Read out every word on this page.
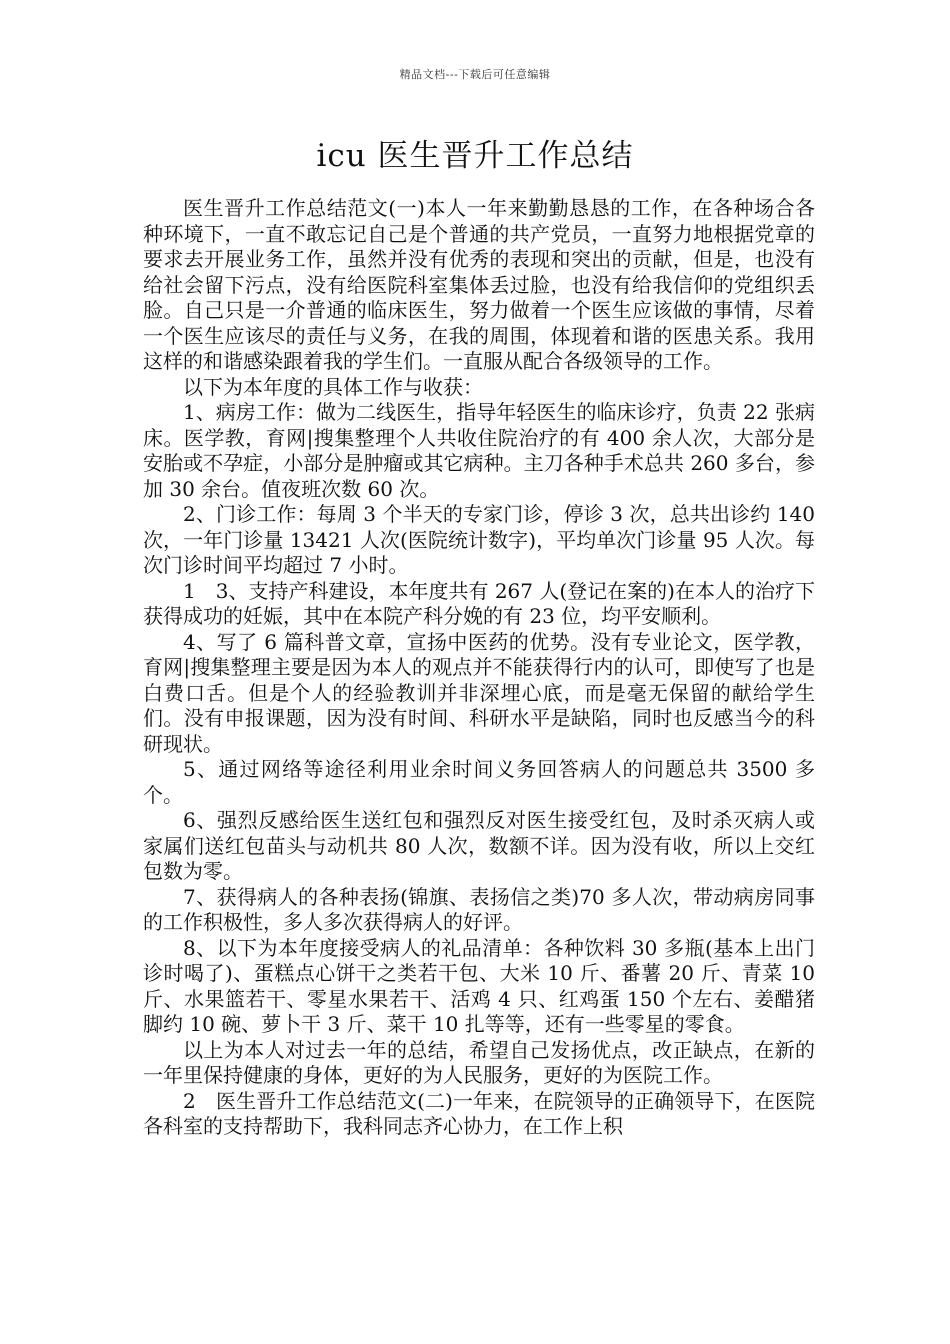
精品文档---下载后可任意编辑
icu 医生晋升工作总结

医生晋升工作总结范文(一)本人一年来勤勤恳恳的工作，在各种场合各种环境下，一直不敢忘记自己是个普通的共产党员，一直努力地根据党章的要求去开展业务工作，虽然并没有优秀的表现和突出的贡献，但是，也没有给社会留下污点，没有给医院科室集体丢过脸，也没有给我信仰的党组织丢脸。自己只是一介普通的临床医生，努力做着一个医生应该做的事情，尽着一个医生应该尽的责任与义务，在我的周围，体现着和谐的医患关系。我用这样的和谐感染跟着我的学生们。一直服从配合各级领导的工作。

以下为本年度的具体工作与收获：

1、病房工作：做为二线医生，指导年轻医生的临床诊疗，负责 22 张病床。医学教，育网|搜集整理个人共收住院治疗的有 400 余人次，大部分是安胎或不孕症，小部分是肿瘤或其它病种。主刀各种手术总共 260 多台，参加 30 余台。值夜班次数 60 次。

2、门诊工作：每周 3 个半天的专家门诊，停诊 3 次，总共出诊约 140 次，一年门诊量 13421 人次(医院统计数字)，平均单次门诊量 95 人次。每次门诊时间平均超过 7 小时。

1　3、支持产科建设，本年度共有 267 人(登记在案的)在本人的治疗下获得成功的妊娠，其中在本院产科分娩的有 23 位，均平安顺利。

4、写了 6 篇科普文章，宣扬中医药的优势。没有专业论文，医学教，育网|搜集整理主要是因为本人的观点并不能获得行内的认可，即使写了也是白费口舌。但是个人的经验教训并非深埋心底，而是毫无保留的献给学生们。没有申报课题，因为没有时间、科研水平是缺陷，同时也反感当今的科研现状。

5、通过网络等途径利用业余时间义务回答病人的问题总共 3500 多个。

6、强烈反感给医生送红包和强烈反对医生接受红包，及时杀灭病人或家属们送红包苗头与动机共 80 人次，数额不详。因为没有收，所以上交红包数为零。

7、获得病人的各种表扬(锦旗、表扬信之类)70 多人次，带动病房同事的工作积极性，多人多次获得病人的好评。

8、以下为本年度接受病人的礼品清单：各种饮料 30 多瓶(基本上出门诊时喝了)、蛋糕点心饼干之类若干包、大米 10 斤、番薯 20 斤、青菜 10 斤、水果篮若干、零星水果若干、活鸡 4 只、红鸡蛋 150 个左右、姜醋猪脚约 10 碗、萝卜干 3 斤、菜干 10 扎等等，还有一些零星的零食。

以上为本人对过去一年的总结，希望自己发扬优点，改正缺点，在新的一年里保持健康的身体，更好的为人民服务，更好的为医院工作。

2　医生晋升工作总结范文(二)一年来，在院领导的正确领导下，在医院各科室的支持帮助下，我科同志齐心协力，在工作上积
